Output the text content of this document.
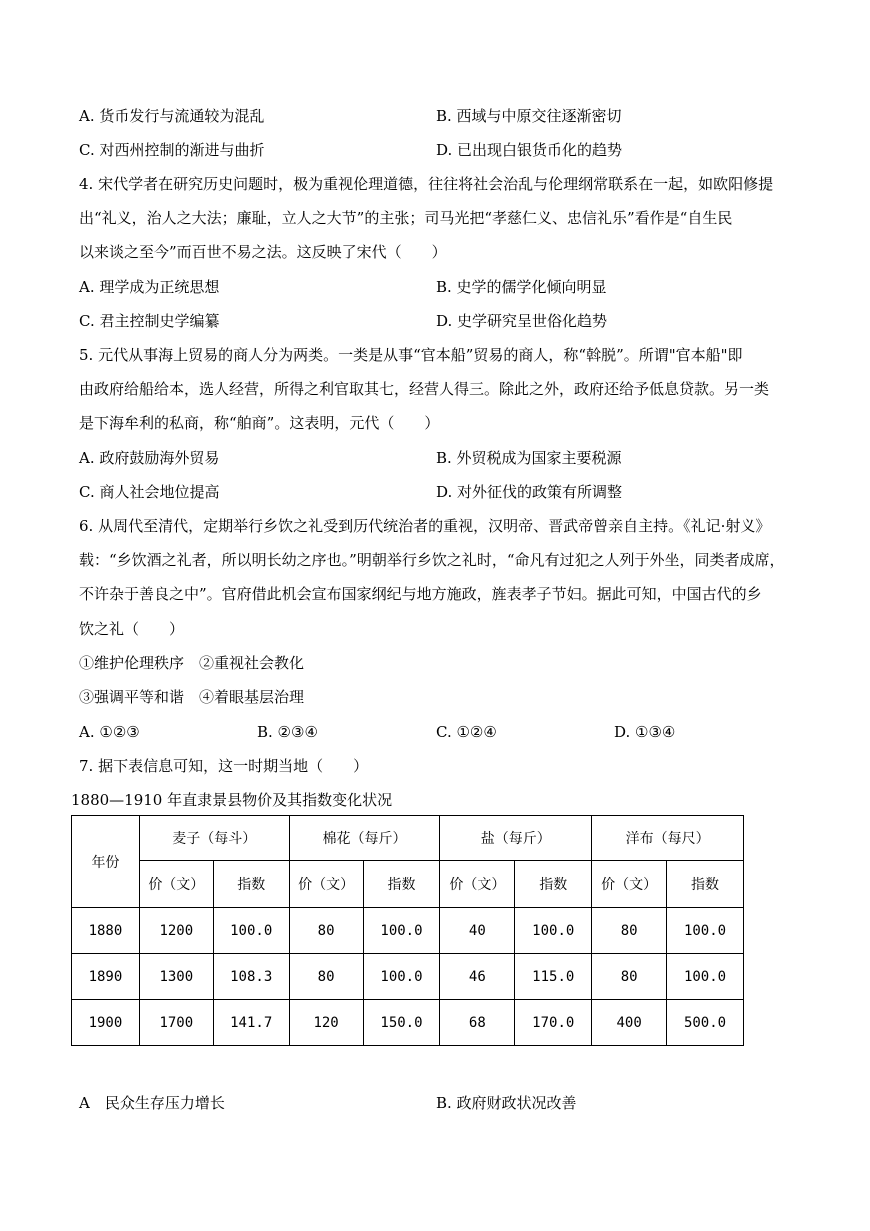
A. 货币发行与流通较为混乱	B. 西域与中原交往逐渐密切
C. 对西州控制的渐进与曲折	D. 已出现白银货币化的趋势
4. 宋代学者在研究历史问题时，极为重视伦理道德，往往将社会治乱与伦理纲常联系在一起，如欧阳修提
出“礼义，治人之大法；廉耻，立人之大节”的主张；司马光把“孝慈仁义、忠信礼乐”看作是“自生民
以来谈之至今”而百世不易之法。这反映了宋代（　　）
A. 理学成为正统思想	B. 史学的儒学化倾向明显
C. 君主控制史学编纂	D. 史学研究呈世俗化趋势
5. 元代从事海上贸易的商人分为两类。一类是从事“官本船”贸易的商人，称“斡脱”。所谓"官本船"即
由政府给船给本，选人经营，所得之利官取其七，经营人得三。除此之外，政府还给予低息贷款。另一类
是下海牟利的私商，称“舶商”。这表明，元代（　　）
A. 政府鼓励海外贸易	B. 外贸税成为国家主要税源
C. 商人社会地位提高	D. 对外征伐的政策有所调整
6. 从周代至清代，定期举行乡饮之礼受到历代统治者的重视，汉明帝、晋武帝曾亲自主持。《礼记·射义》
载：“乡饮酒之礼者，所以明长幼之序也。”明朝举行乡饮之礼时，“命凡有过犯之人列于外坐，同类者成席，
不许杂于善良之中”。官府借此机会宣布国家纲纪与地方施政，旌表孝子节妇。据此可知，中国古代的乡
饮之礼（　　）
①维护伦理秩序　②重视社会教化
③强调平等和谐　④着眼基层治理
A. ①②③	B. ②③④	C. ①②④	D. ①③④
7. 据下表信息可知，这一时期当地（　　）
1880—1910 年直隶景县物价及其指数变化状况
年份	麦子（每斗）		棉花（每斤）		盐（每斤）		洋布（每尺）	
	价（文）	指数	价（文）	指数	价（文）	指数	价（文）	指数
1880	1200	100.0	80	100.0	40	100.0	80	100.0
1890	1300	108.3	80	100.0	46	115.0	80	100.0
1900	1700	141.7	120	150.0	68	170.0	400	500.0
A　民众生存压力增长	B. 政府财政状况改善
